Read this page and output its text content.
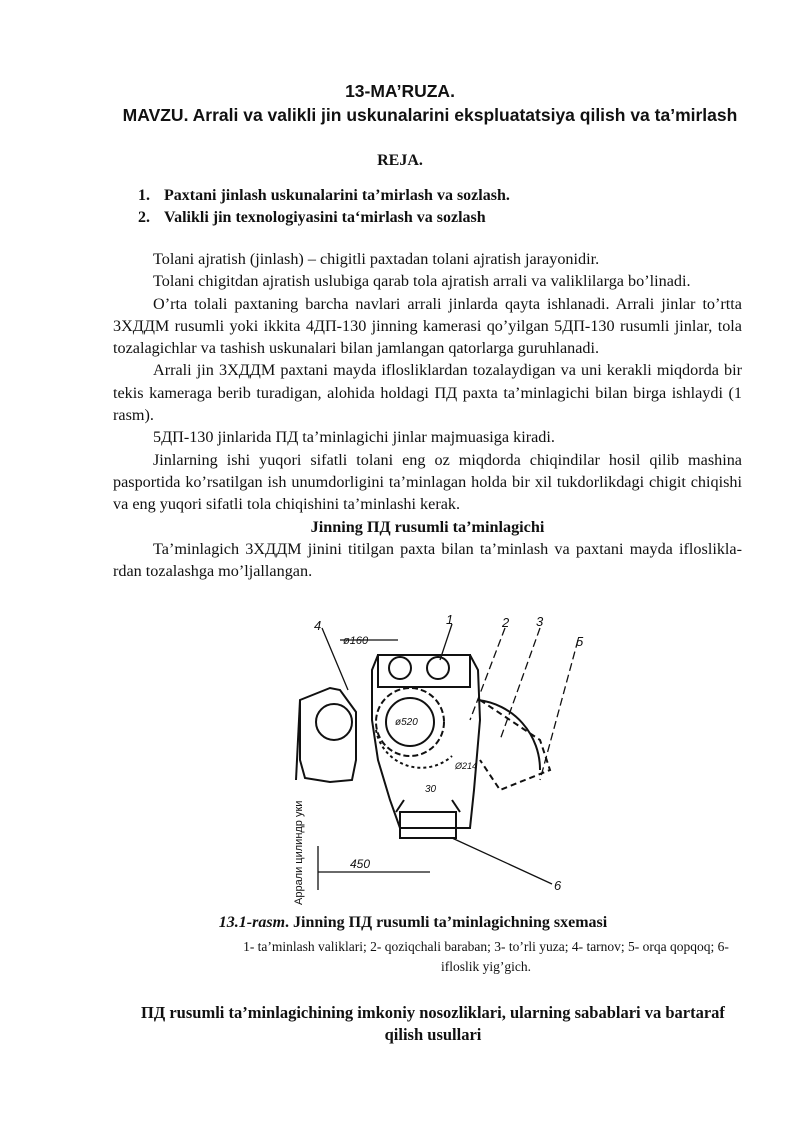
13-MA’RUZA.

MAVZU. Arrali va valikli jin uskunalarini ekspluatatsiya qilish va ta’mirlash

REJA.
1. Paxtani jinlash uskunalarini ta’mirlash va sozlash.
2. Valikli jin texnologiyasini ta‘mirlash va sozlash

Tolani ajratish (jinlash) – chigitli paxtadan tolani ajratish jarayonidir.

Tolani chigitdan ajratish uslubiga qarab tola ajratish arrali va valiklilarga bo’linadi.

O’rta tolali paxtaning barcha navlari arrali jinlarda qayta ishlanadi. Arrali jinlar to’rtta 3ХДДМ rusumli yoki ikkita 4ДП-130 jinning kamerasi qo’yilgan 5ДП-130 rusumli jinlar, tola tozalagichlar va tashish uskunalari bilan jamlangan qatorlarga guruhlanadi.

Arrali jin 3ХДДМ paxtani mayda iflosliklardan tozalaydigan va uni kerakli miqdorda bir tekis kameraga berib turadigan, alohida holdagi ПД paxta ta’minlagichi bilan birga ishlaydi (1 rasm).

5ДП-130 jinlarida ПД ta’minlagichi jinlar majmuasiga kiradi.

Jinlarning ishi yuqori sifatli tolani eng oz miqdorda chiqindilar hosil qilib mashina pasportida ko’rsatilgan ish unumdorligini ta’minlagan holda bir xil tukdorlikdagi chigit chiqishi va eng yuqori sifatli tola chiqishini ta’minlashi kerak.

Jinning ПД rusumli ta’minlagichi

Ta’minlagich 3ХДДМ jinini titilgan paxta bilan ta’minlash va paxtani mayda iflosliklardan tozalashga mo’ljallangan.

4	1	2 3
5
6
ø160
ø520
Ø214
30
450
Аррали цилиндр уки
13.1-rasm. Jinning ПД rusumli ta’minlagichning sxemasi
1- ta’minlash valiklari; 2- qoziqchali baraban; 3- to’rli yuza; 4- tarnov; 5- orqa qopqoq; 6- ifloslik yig’gich.
ПД rusumli ta’minlagichining imkoniy nosozliklari, ularning sabablari va bartaraf qilish usullari
